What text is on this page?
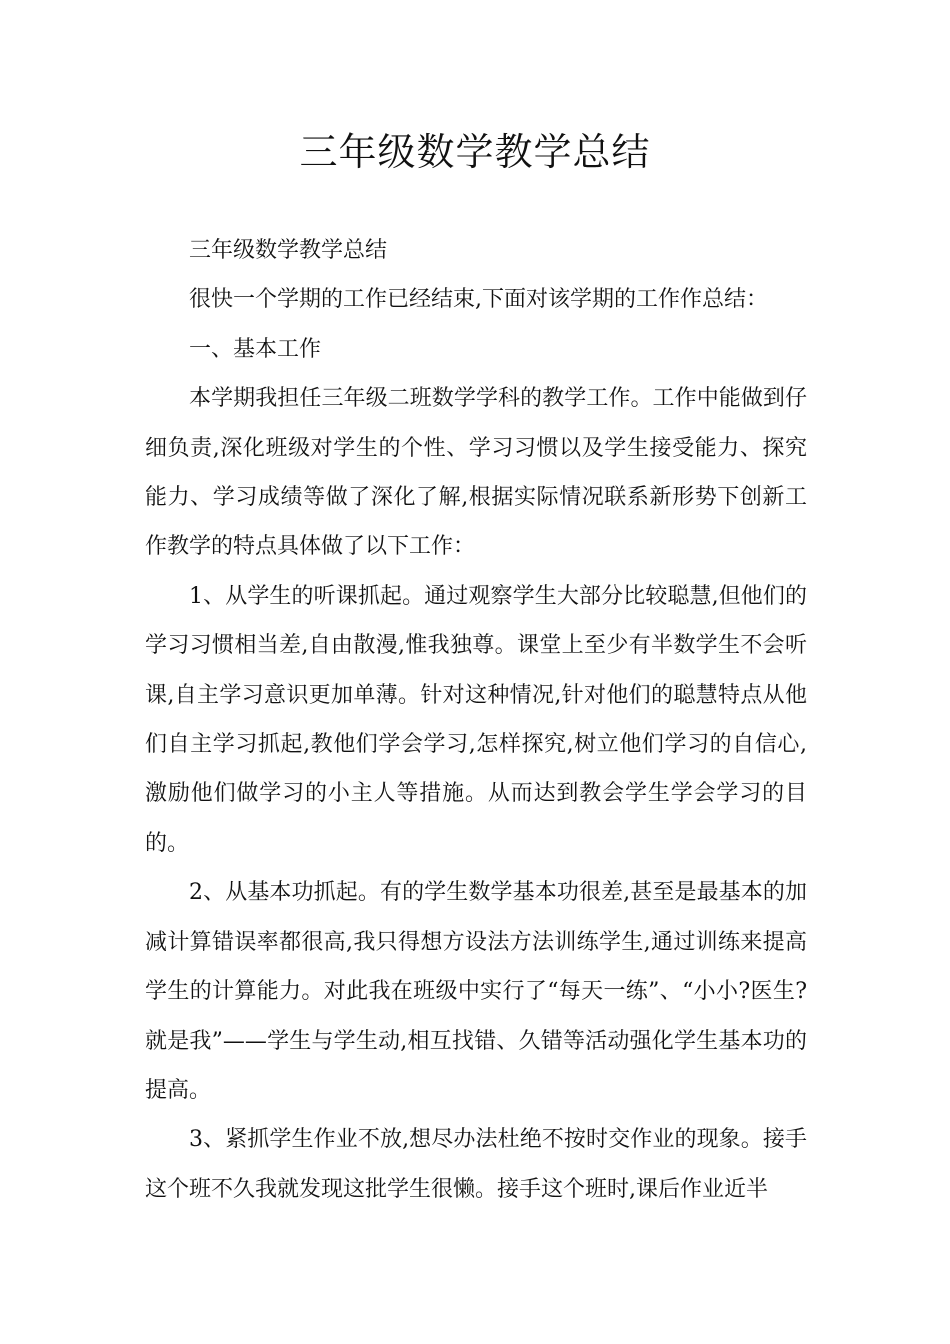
三年级数学教学总结

三年级数学教学总结

很快一个学期的工作已经结束,下面对该学期的工作作总结：

一、基本工作

本学期我担任三年级二班数学学科的教学工作。工作中能做到仔细负责,深化班级对学生的个性、学习习惯以及学生接受能力、探究能力、学习成绩等做了深化了解,根据实际情况联系新形势下创新工作教学的特点具体做了以下工作：

1、从学生的听课抓起。通过观察学生大部分比较聪慧,但他们的学习习惯相当差,自由散漫,惟我独尊。课堂上至少有半数学生不会听课,自主学习意识更加单薄。针对这种情况,针对他们的聪慧特点从他们自主学习抓起,教他们学会学习,怎样探究,树立他们学习的自信心,激励他们做学习的小主人等措施。从而达到教会学生学会学习的目的。

2、从基本功抓起。有的学生数学基本功很差,甚至是最基本的加减计算错误率都很高,我只得想方设法方法训练学生,通过训练来提高学生的计算能力。对此我在班级中实行了“每天一练”、“小小?医生?就是我”——学生与学生动,相互找错、久错等活动强化学生基本功的提高。

3、紧抓学生作业不放,想尽办法杜绝不按时交作业的现象。接手这个班不久我就发现这批学生很懒。接手这个班时,课后作业近半
